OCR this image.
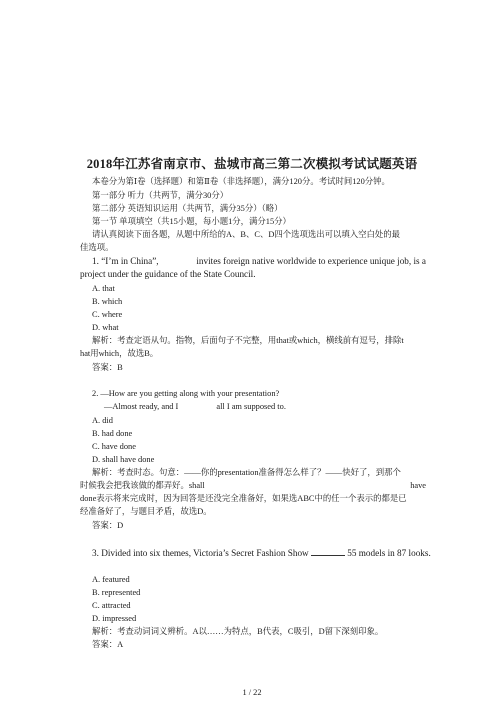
2018年江苏省南京市、盐城市高三第二次模拟考试试题英语
本卷分为第Ⅰ卷（选择题）和第Ⅱ卷（非选择题），满分120分。考试时间120分钟。
第一部分 听力（共两节，满分30分）
第二部分 英语知识运用（共两节，满分35分）（略）
第一节 单项填空（共15小题，每小题1分，满分15分）
请认真阅读下面各题，从题中所给的A、B、C、D四个选项选出可以填入空白处的最
佳选项。
1. “I’m in China”,	invites foreign native worldwide to experience unique job, is a
project under the guidance of the State Council.
A. that
B. which
C. where
D. what
解析：考查定语从句。指物，后面句子不完整，用that或which，横线前有逗号，排除t
hat用which，故选B。
答案：B
2. —How are you getting along with your presentation?
—Almost ready, and I	all I am supposed to.
A. did
B. had done
C. have done
D. shall have done
解析：考查时态。句意：——你的presentation准备得怎么样了？——快好了，到那个
时候我会把我该做的都弄好。shall	have
done表示将来完成时，因为回答是还没完全准备好，如果选ABC中的任一个表示的都是已
经准备好了，与题目矛盾，故选D。
答案：D
3. Divided into six themes, Victoria’s Secret Fashion Show	55 models in 87 looks.
A. featured
B. represented
C. attracted
D. impressed
解析：考查动词词义辨析。A以……为特点，B代表，C吸引，D留下深刻印象。
答案：A
1 / 22
